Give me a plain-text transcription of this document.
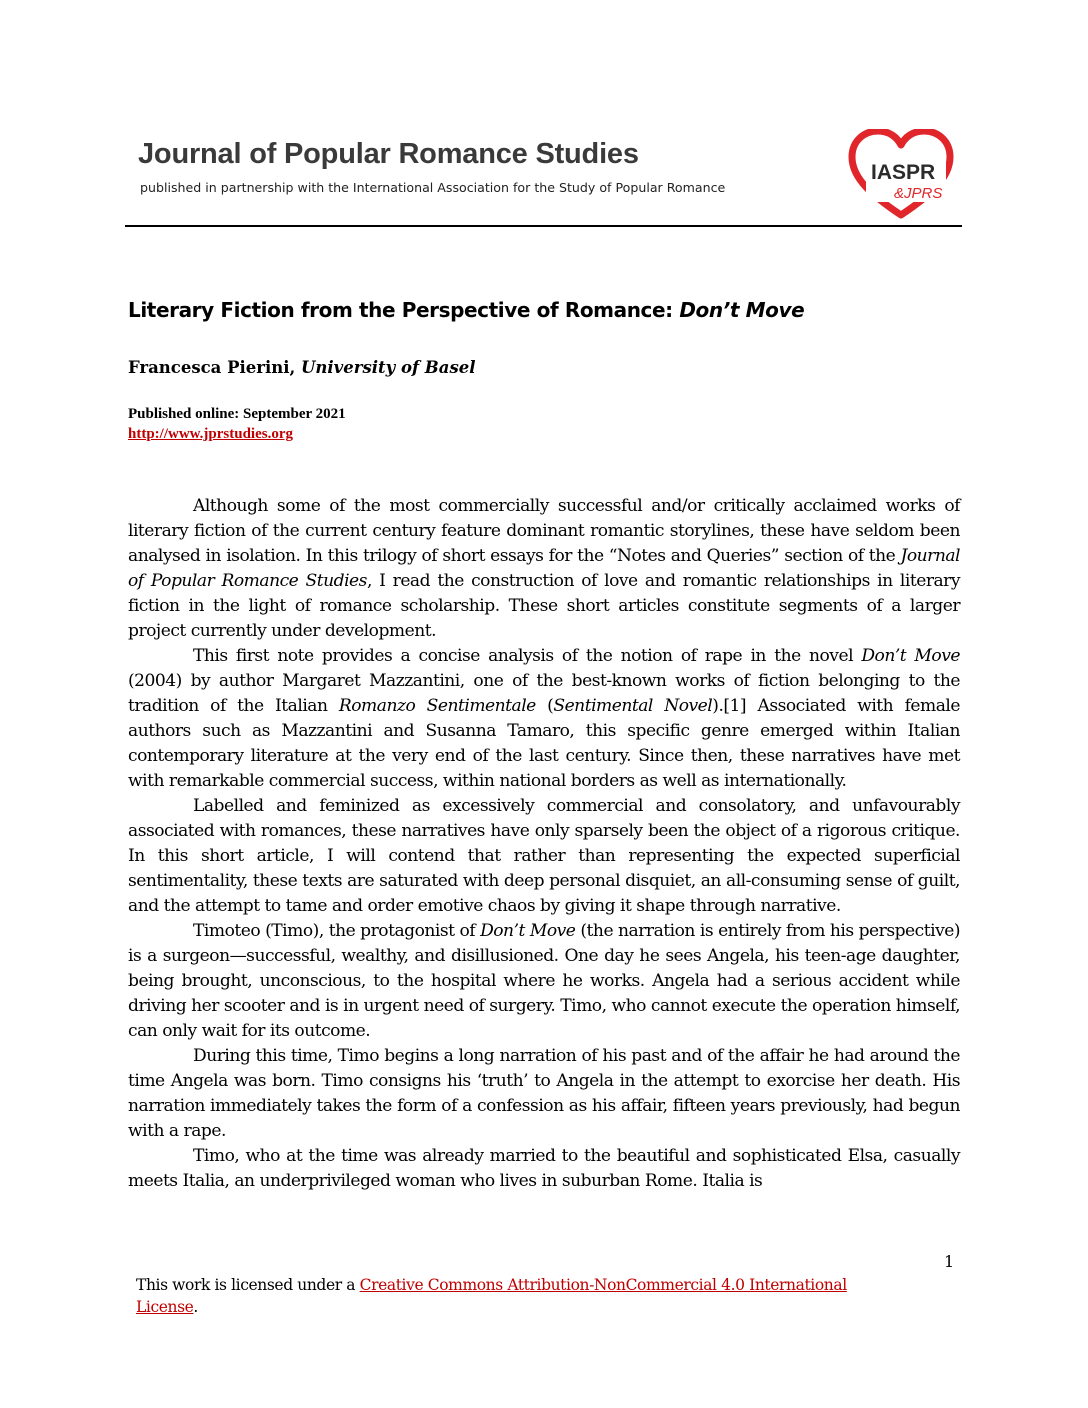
Journal of Popular Romance Studies
published in partnership with the International Association for the Study of Popular Romance
IASPR
&JPRS
Literary Fiction from the Perspective of Romance: Don’t Move
Francesca Pierini, University of Basel
Published online: September 2021
http://www.jprstudies.org

Although some of the most commercially successful and/or critically acclaimed works of literary fiction of the current century feature dominant romantic storylines, these have seldom been analysed in isolation. In this trilogy of short essays for the “Notes and Queries” section of the Journal of Popular Romance Studies, I read the construction of love and romantic relationships in literary fiction in the light of romance scholarship. These short articles constitute segments of a larger project currently under development.

This first note provides a concise analysis of the notion of rape in the novel Don’t Move (2004) by author Margaret Mazzantini, one of the best-known works of fiction belonging to the tradition of the Italian Romanzo Sentimentale (Sentimental Novel).[1] Associated with female authors such as Mazzantini and Susanna Tamaro, this specific genre emerged within Italian contemporary literature at the very end of the last century. Since then, these narratives have met with remarkable commercial success, within national borders as well as internationally.

Labelled and feminized as excessively commercial and consolatory, and unfavourably associated with romances, these narratives have only sparsely been the object of a rigorous critique. In this short article, I will contend that rather than representing the expected superficial sentimentality, these texts are saturated with deep personal disquiet, an all-consuming sense of guilt, and the attempt to tame and order emotive chaos by giving it shape through narrative.

Timoteo (Timo), the protagonist of Don’t Move (the narration is entirely from his perspective) is a surgeon—successful, wealthy, and disillusioned. One day he sees Angela, his teen-age daughter, being brought, unconscious, to the hospital where he works. Angela had a serious accident while driving her scooter and is in urgent need of surgery. Timo, who cannot execute the operation himself, can only wait for its outcome.

During this time, Timo begins a long narration of his past and of the affair he had around the time Angela was born. Timo consigns his ‘truth’ to Angela in the attempt to exorcise her death. His narration immediately takes the form of a confession as his affair, fifteen years previously, had begun with a rape.

Timo, who at the time was already married to the beautiful and sophisticated Elsa, casually meets Italia, an underprivileged woman who lives in suburban Rome. Italia is

1
This work is licensed under a Creative Commons Attribution-NonCommercial 4.0 International License.
